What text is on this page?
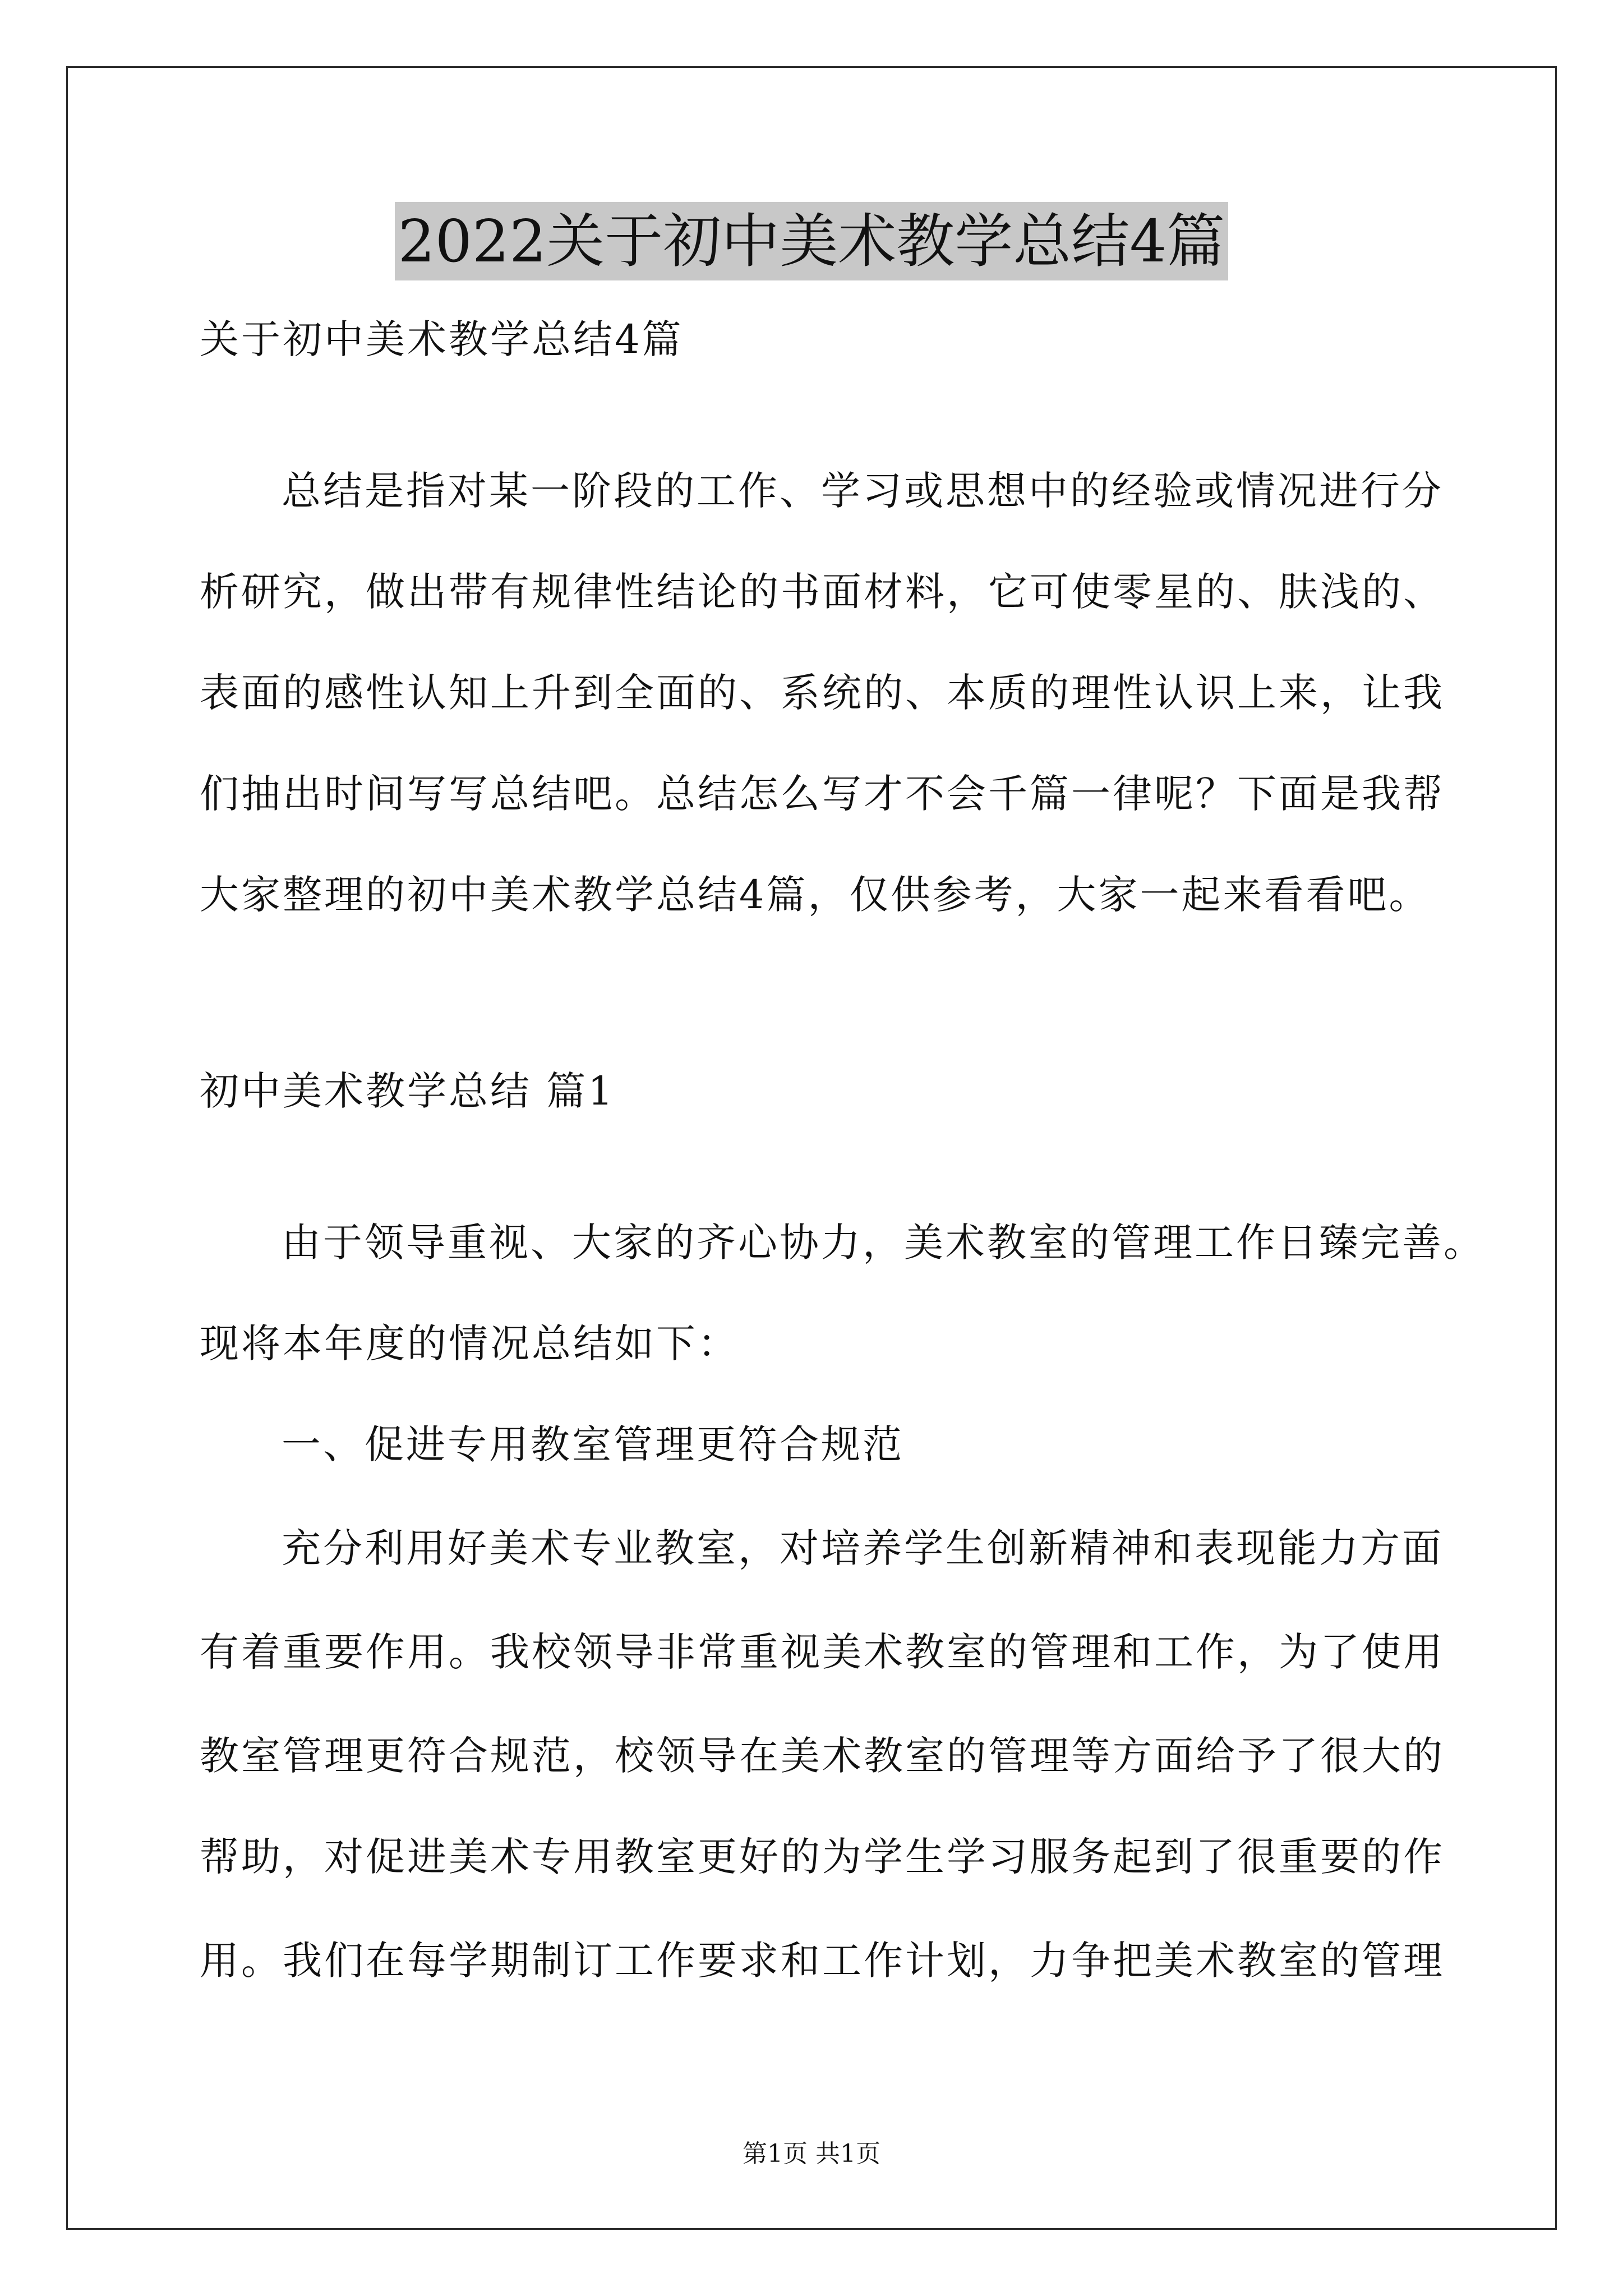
2022关于初中美术教学总结4篇
关于初中美术教学总结4篇
总结是指对某一阶段的工作、学习或思想中的经验或情况进行分
析研究，做出带有规律性结论的书面材料，它可使零星的、肤浅的、
表面的感性认知上升到全面的、系统的、本质的理性认识上来，让我
们抽出时间写写总结吧。总结怎么写才不会千篇一律呢？下面是我帮
大家整理的初中美术教学总结4篇，仅供参考，大家一起来看看吧。
初中美术教学总结 篇1
由于领导重视、大家的齐心协力，美术教室的管理工作日臻完善。
现将本年度的情况总结如下：
一、促进专用教室管理更符合规范
充分利用好美术专业教室，对培养学生创新精神和表现能力方面
有着重要作用。我校领导非常重视美术教室的管理和工作，为了使用
教室管理更符合规范，校领导在美术教室的管理等方面给予了很大的
帮助，对促进美术专用教室更好的为学生学习服务起到了很重要的作
用。我们在每学期制订工作要求和工作计划，力争把美术教室的管理
第1页 共1页
